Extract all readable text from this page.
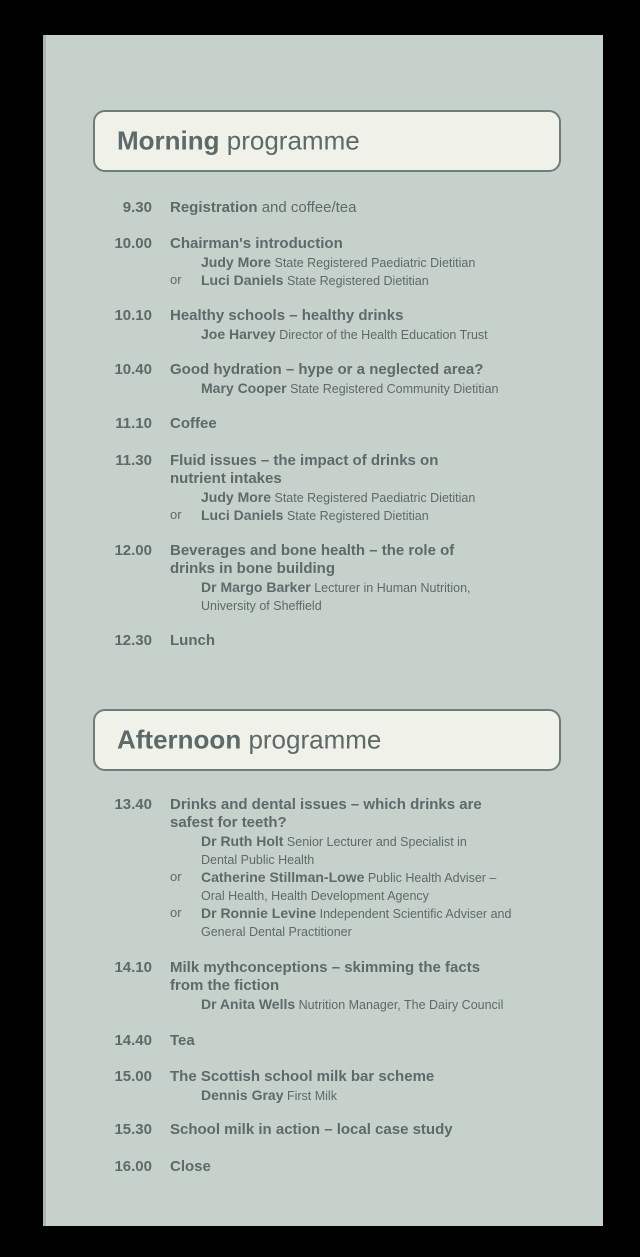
Morning programme
9.30 Registration and coffee/tea
10.00 Chairman's introduction
Judy More State Registered Paediatric Dietitian
or	Luci Daniels State Registered Dietitian
10.10 Healthy schools – healthy drinks
Joe Harvey Director of the Health Education Trust
10.40 Good hydration – hype or a neglected area?
Mary Cooper State Registered Community Dietitian
11.10 Coffee
11.30 Fluid issues – the impact of drinks on
nutrient intakes
Judy More State Registered Paediatric Dietitian
or	Luci Daniels State Registered Dietitian
12.00 Beverages and bone health – the role of
drinks in bone building
Dr Margo Barker Lecturer in Human Nutrition,
University of Sheffield
12.30 Lunch
Afternoon programme
13.40 Drinks and dental issues – which drinks are
safest for teeth?
Dr Ruth Holt Senior Lecturer and Specialist in
Dental Public Health
or	Catherine Stillman-Lowe Public Health Adviser –
Oral Health, Health Development Agency
or	Dr Ronnie Levine Independent Scientific Adviser and
General Dental Practitioner
14.10 Milk mythconceptions – skimming the facts
from the fiction
Dr Anita Wells Nutrition Manager, The Dairy Council
14.40 Tea
15.00 The Scottish school milk bar scheme
Dennis Gray First Milk
15.30 School milk in action – local case study
16.00 Close
